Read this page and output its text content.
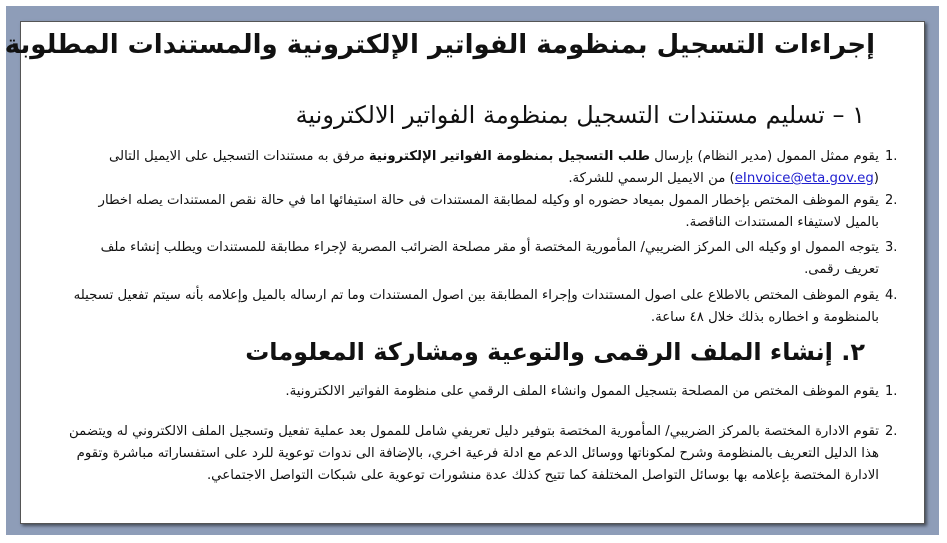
إجراءات التسجيل بمنظومة الفواتير الإلكترونية والمستندات المطلوبة
١ – تسليم مستندات التسجيل بمنظومة الفواتير الالكترونية
1.
يقوم ممثل الممول (مدير النظام) بإرسال طلب التسجيل بمنظومة الفواتير الإلكترونية مرفق به مستندات التسجيل على الايميل التالى (eInvoice@eta.gov.eg) من الايميل الرسمي للشركة.
2.
يقوم الموظف المختص بإخطار الممول بميعاد حضوره او وكيله لمطابقة المستندات فى حالة استيفائها اما في حالة نقص المستندات يصله اخطار بالميل لاستيفاء المستندات الناقصة.
3.
يتوجه الممول او وكيله الى المركز الضريبي/ المأمورية المختصة أو مقر مصلحة الضرائب المصرية لإجراء مطابقة للمستندات ويطلب إنشاء ملف تعريف رقمى.
4.
يقوم الموظف المختص بالاطلاع على اصول المستندات وإجراء المطابقة بين اصول المستندات وما تم ارساله بالميل وإعلامه بأنه سيتم تفعيل تسجيله بالمنظومة و اخطاره بذلك خلال ٤٨ ساعة.
٢. إنشاء الملف الرقمى والتوعية ومشاركة المعلومات
1.
يقوم الموظف المختص من المصلحة بتسجيل الممول وانشاء الملف الرقمي على منظومة الفواتير الالكترونية.
2.
تقوم الادارة المختصة بالمركز الضريبي/ المأمورية المختصة بتوفير دليل تعريفي شامل للممول بعد عملية تفعيل وتسجيل الملف الالكتروني له ويتضمن هذا الدليل التعريف بالمنظومة وشرح لمكوناتها ووسائل الدعم مع ادلة فرعية اخري، بالإضافة الى ندوات توعوية للرد على استفساراته مباشرة وتقوم الادارة المختصة بإعلامه بها بوسائل التواصل المختلفة كما تتيح كذلك عدة منشورات توعوية على شبكات التواصل الاجتماعي.
